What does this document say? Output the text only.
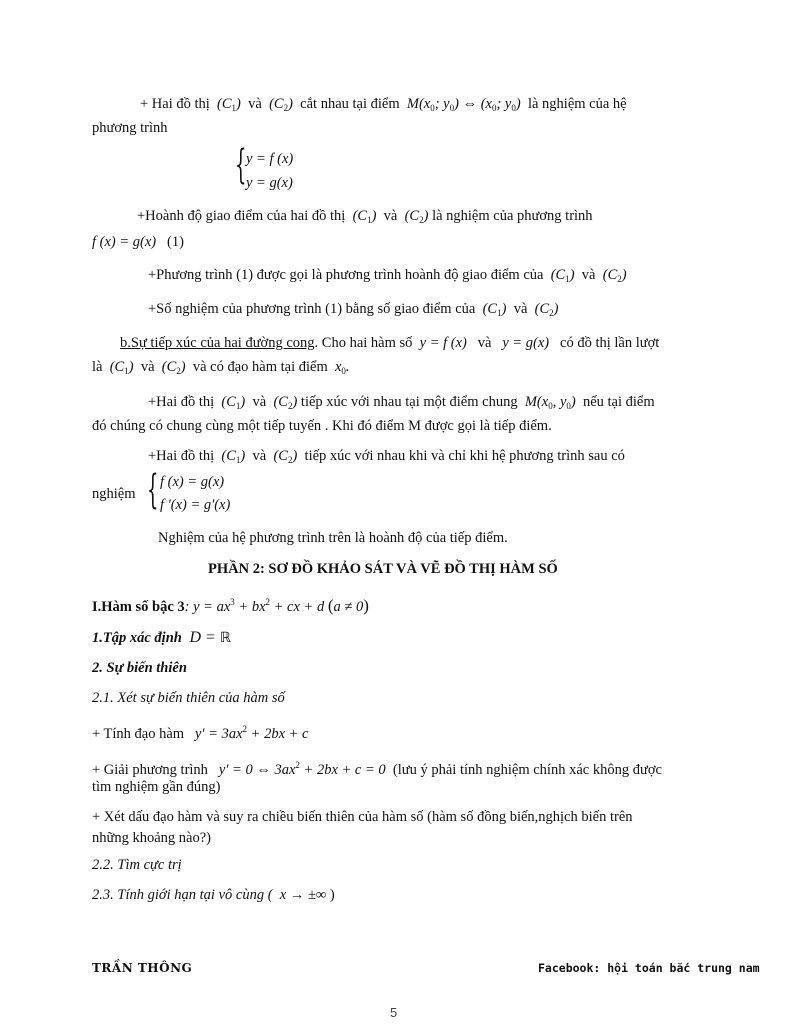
+ Hai đồ thị  $(C_1)$  và  $(C_2)$  cắt nhau tại điểm  $M(x_0$; $y_0$) ⇔ ($x_0$; $y_0$)  là nghiệm của hệ
phương trình
{ y = f (x)
y = g(x)
+Hoành độ giao điểm của hai đồ thị  $(C_1)$  và  $(C_2)$ là nghiệm của phương trình
f (x) = g(x)   (1)
+Phương trình (1) được gọi là phương trình hoành độ giao điểm của  $(C_1)$  và  $(C_2)$
+Số nghiệm của phương trình (1) bằng số giao điểm của  $(C_1)$  và  $(C_2)$
b.Sự tiếp xúc của hai đường cong. Cho hai hàm số  y = f (x)   và   y = g(x)   có đồ thị lần lượt
là  $(C_1)$  và  $(C_2)$  và có đạo hàm tại điểm  $x_0$.
+Hai đồ thị  $(C_1)$  và  $(C_2)$ tiếp xúc với nhau tại một điểm chung  $M(x_0$, $y_0$)  nếu tại điểm
đó chúng có chung cùng một tiếp tuyến . Khi đó điểm M được gọi là tiếp điểm.
+Hai đồ thị  $(C_1)$  và  $(C_2)$  tiếp xúc với nhau khi và chỉ khi hệ phương trình sau có
nghiệm { f (x) = g(x)
f '(x) = g'(x)
Nghiệm của hệ phương trình trên là hoành độ của tiếp điểm.
PHẦN 2: SƠ ĐỒ KHẢO SÁT VÀ VẼ ĐỒ THỊ HÀM SỐ
I.Hàm số bậc 3: $y = ax^3 + bx^2$ + cx + d (a ≠ 0)
1.Tập xác định  D = ℝ
2. Sự biến thiên
2.1. Xét sự biến thiên của hàm số
+ Tính đạo hàm   $y' = 3ax^2 + 2bx + c$
+ Giải phương trình   y′ = 0 ⇔ $3ax^2 + 2bx + c = 0$  (lưu ý phải tính nghiệm chính xác không được
tìm nghiệm gần đúng)
+ Xét dấu đạo hàm và suy ra chiều biến thiên của hàm số (hàm số đồng biến,nghịch biến trên
những khoảng nào?)
2.2. Tìm cực trị
2.3. Tính giới hạn tại vô cùng (  x → ±∞ )
TRẦN THÔNG	Facebook: hội toán bắc trung nam
5
